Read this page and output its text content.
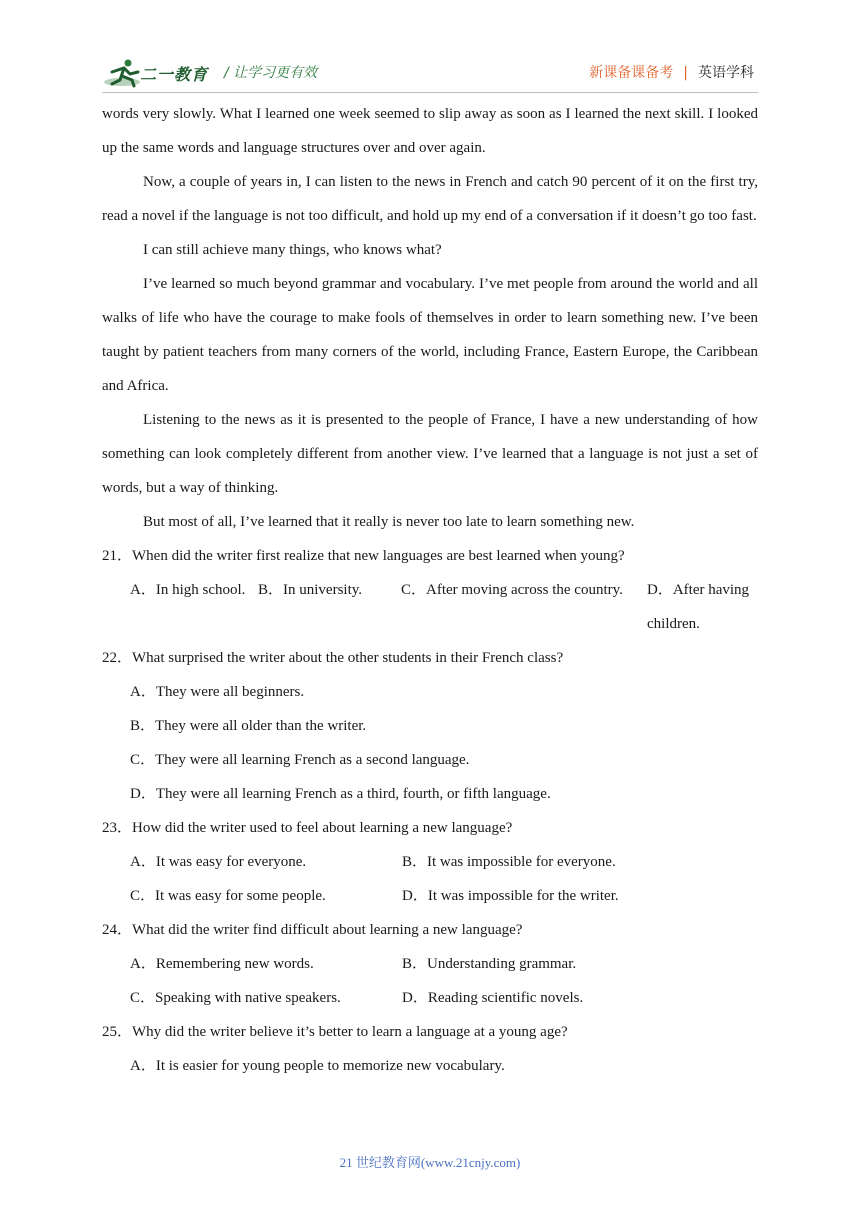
二一教育 / 让学习更有效	新课备课备考 | 英语学科

words very slowly. What I learned one week seemed to slip away as soon as I learned the next skill. I looked up the same words and language structures over and over again.

Now, a couple of years in, I can listen to the news in French and catch 90 percent of it on the first try, read a novel if the language is not too difficult, and hold up my end of a conversation if it doesn’t go too fast.

I can still achieve many things, who knows what?

I’ve learned so much beyond grammar and vocabulary. I’ve met people from around the world and all walks of life who have the courage to make fools of themselves in order to learn something new. I’ve been taught by patient teachers from many corners of the world, including France, Eastern Europe, the Caribbean and Africa.

Listening to the news as it is presented to the people of France, I have a new understanding of how something can look completely different from another view. I’ve learned that a language is not just a set of words, but a way of thinking.

But most of all, I’ve learned that it really is never too late to learn something new.

21．When did the writer first realize that new languages are best learned when young?

A．In high school. B．In university.	C．After moving across the country.	D．After having children.

22．What surprised the writer about the other students in their French class?

A．They were all beginners.

B．They were all older than the writer.

C．They were all learning French as a second language.

D．They were all learning French as a third, fourth, or fifth language.

23．How did the writer used to feel about learning a new language?

A．It was easy for everyone.	B．It was impossible for everyone.
C．It was easy for some people.	D．It was impossible for the writer.

24．What did the writer find difficult about learning a new language?

A．Remembering new words.	B．Understanding grammar.
C．Speaking with native speakers.	D．Reading scientific novels.

25．Why did the writer believe it’s better to learn a language at a young age?

A．It is easier for young people to memorize new vocabulary.

21 世纪教育网(www.21cnjy.com)
